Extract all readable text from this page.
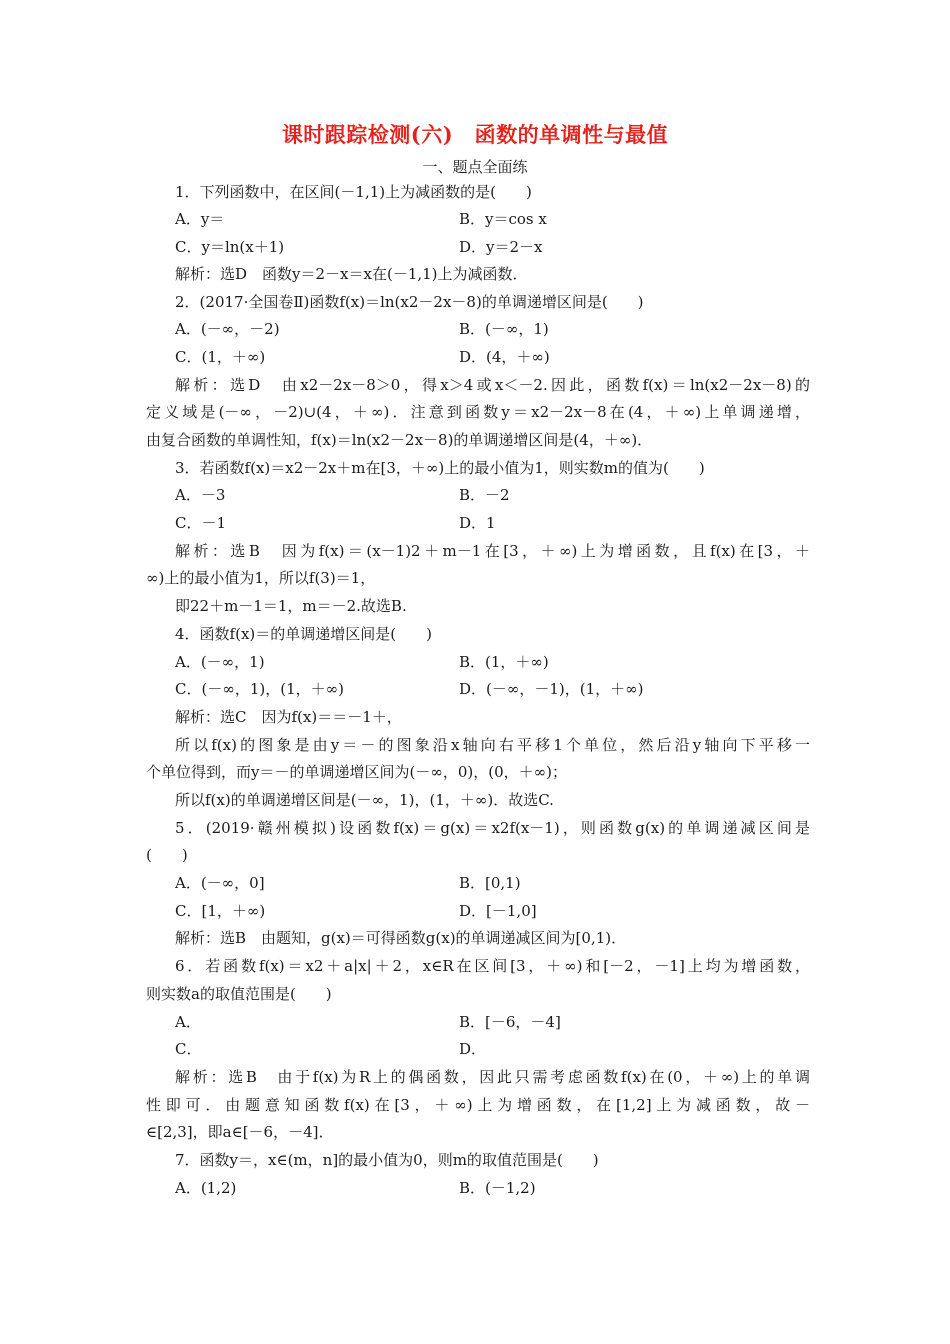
课时跟踪检测(六)　函数的单调性与最值
一、题点全面练
1．下列函数中，在区间(－1,1)上为减函数的是(　　)
A．y＝	B．y＝cos x
C．y＝ln(x＋1)	D．y＝2－x
解析：选D　函数y＝2－x＝x在(－1,1)上为减函数．
2．(2017·全国卷Ⅱ)函数f(x)＝ln(x2－2x－8)的单调递增区间是(　　)
A．(－∞，－2)	B．(－∞，1)
C．(1，＋∞)	D．(4，＋∞)
解析：选D　由x2－2x－8＞0，得x＞4或x＜－2.因此，函数f(x)＝ln(x2－2x－8)的
定义域是(－∞，－2)∪(4，＋∞)．注意到函数y＝x2－2x－8在(4，＋∞)上单调递增，
由复合函数的单调性知，f(x)＝ln(x2－2x－8)的单调递增区间是(4，＋∞)．
3．若函数f(x)＝x2－2x＋m在[3，＋∞)上的最小值为1，则实数m的值为(　　)
A．－3	B．－2
C．－1	D．1
解析：选B　因为f(x)＝(x－1)2＋m－1在[3，＋∞)上为增函数，且f(x)在[3，＋
∞)上的最小值为1，所以f(3)＝1，
即22＋m－1＝1，m＝－2.故选B.
4．函数f(x)＝的单调递增区间是(　　)
A．(－∞，1)	B．(1，＋∞)
C．(－∞，1)，(1，＋∞)	D．(－∞，－1)，(1，＋∞)
解析：选C　因为f(x)＝＝－1＋，
所以f(x)的图象是由y＝－的图象沿x轴向右平移1个单位，然后沿y轴向下平移一
个单位得到，而y＝－的单调递增区间为(－∞，0)，(0，＋∞)；
所以f(x)的单调递增区间是(－∞，1)，(1，＋∞)．故选C.
5．(2019·赣州模拟)设函数f(x)＝g(x)＝x2f(x－1)，则函数g(x)的单调递减区间是
(　　)
A．(－∞，0]	B．[0,1)
C．[1，＋∞)	D．[－1,0]
解析：选B　由题知，g(x)＝可得函数g(x)的单调递减区间为[0,1)．
6．若函数f(x)＝x2＋a|x|＋2，x∈R在区间[3，＋∞)和[－2，－1]上均为增函数，
则实数a的取值范围是(　　)
A．	B．[－6，－4]
C．	D．
解析：选B　由于f(x)为R上的偶函数，因此只需考虑函数f(x)在(0，＋∞)上的单调
性即可．由题意知函数f(x)在[3，＋∞)上为增函数，在[1,2]上为减函数，故－
∈[2,3]，即a∈[－6，－4]．
7．函数y＝，x∈(m，n]的最小值为0，则m的取值范围是(　　)
A．(1,2)	B．(－1,2)
